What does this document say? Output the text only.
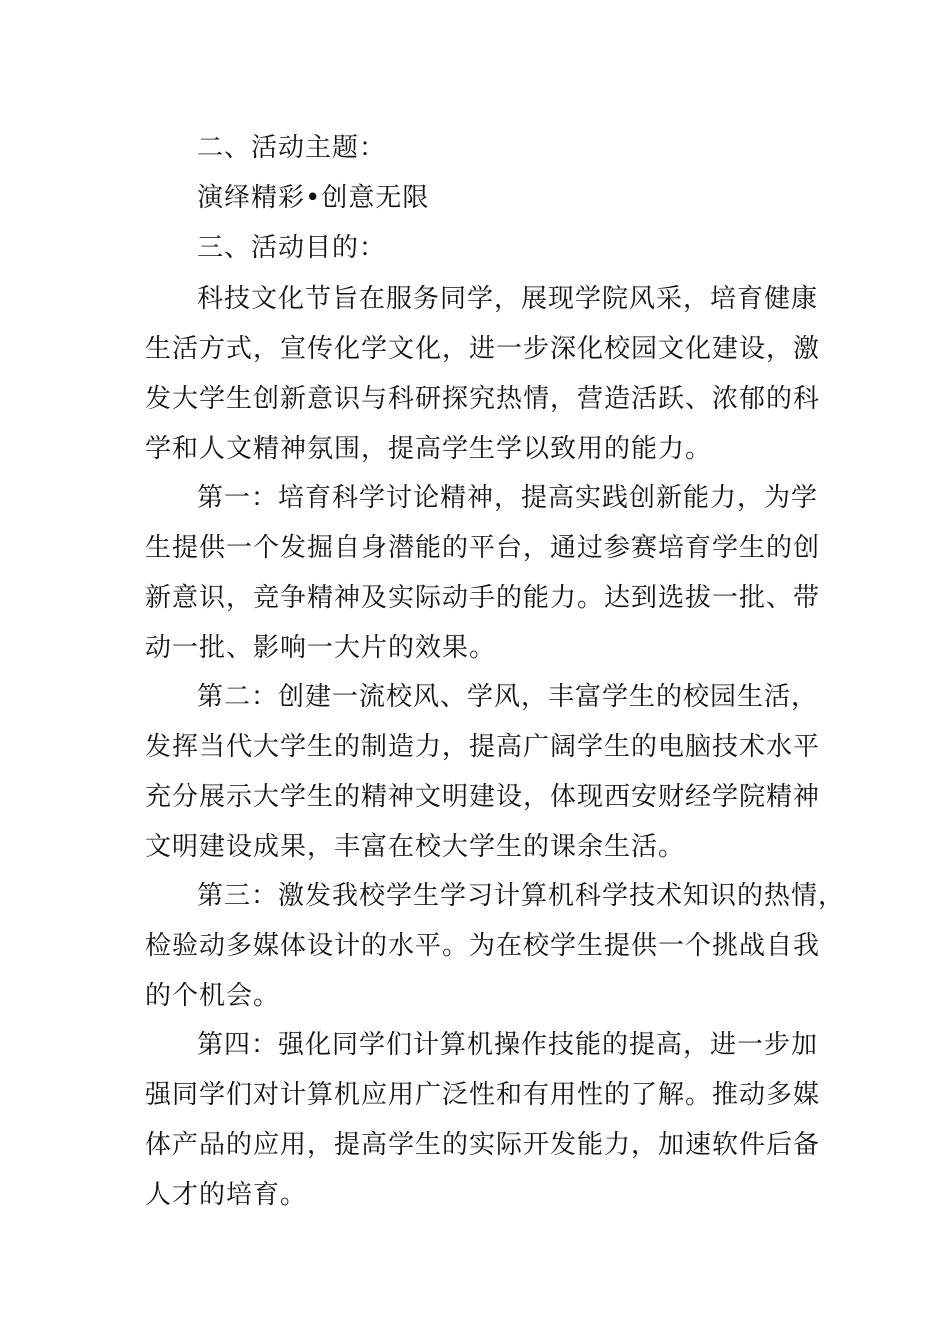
二、活动主题：
演绎精彩•创意无限
三、活动目的：
科技文化节旨在服务同学，展现学院风采，培育健康
生活方式，宣传化学文化，进一步深化校园文化建设，激
发大学生创新意识与科研探究热情，营造活跃、浓郁的科
学和人文精神氛围，提高学生学以致用的能力。
第一：培育科学讨论精神，提高实践创新能力，为学
生提供一个发掘自身潜能的平台，通过参赛培育学生的创
新意识，竞争精神及实际动手的能力。达到选拔一批、带
动一批、影响一大片的效果。
第二：创建一流校风、学风，丰富学生的校园生活，
发挥当代大学生的制造力，提高广阔学生的电脑技术水平
充分展示大学生的精神文明建设，体现西安财经学院精神
文明建设成果，丰富在校大学生的课余生活。
第三：激发我校学生学习计算机科学技术知识的热情，
检验动多媒体设计的水平。为在校学生提供一个挑战自我
的个机会。
第四：强化同学们计算机操作技能的提高，进一步加
强同学们对计算机应用广泛性和有用性的了解。推动多媒
体产品的应用，提高学生的实际开发能力，加速软件后备
人才的培育。
